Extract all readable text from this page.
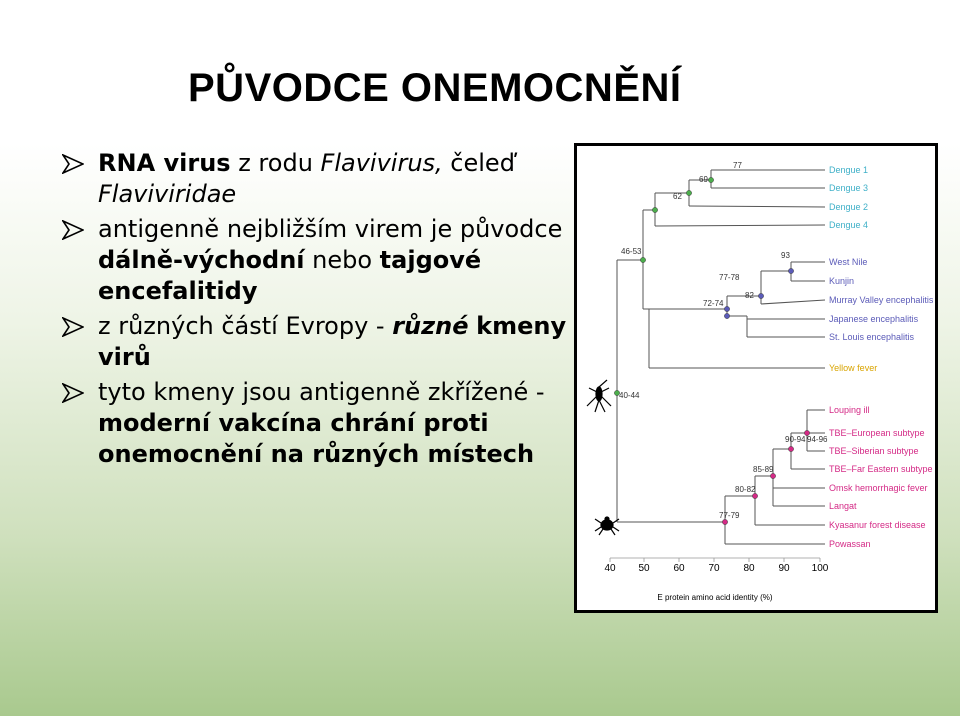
PŮVODCE ONEMOCNĚNÍ
RNA virus z rodu Flavivirus, čeleď Flaviviridae
antigenně nejbližším virem je původce dálně-východní nebo tajgové encefalitidy
z různých částí Evropy - různé kmeny virů
tyto kmeny jsou antigenně zkřížené - moderní vakcína chrání proti onemocnění na různých místech
77
69
62
46-53	93
77-78
82
72-74
40-44
90-94 94-96
85-89
80-82
77-79
Dengue 1
Dengue 3
Dengue 2
Dengue 4
West Nile
Kunjin
Murray Valley encephalitis
Japanese encephalitis
St. Louis encephalitis
Yellow fever
Louping ill
TBE–European subtype
TBE–Siberian subtype
TBE–Far Eastern subtype
Omsk hemorrhagic fever
Langat
Kyasanur forest disease
Powassan
40 50 60 70 80 90 100
E protein amino acid identity (%)
